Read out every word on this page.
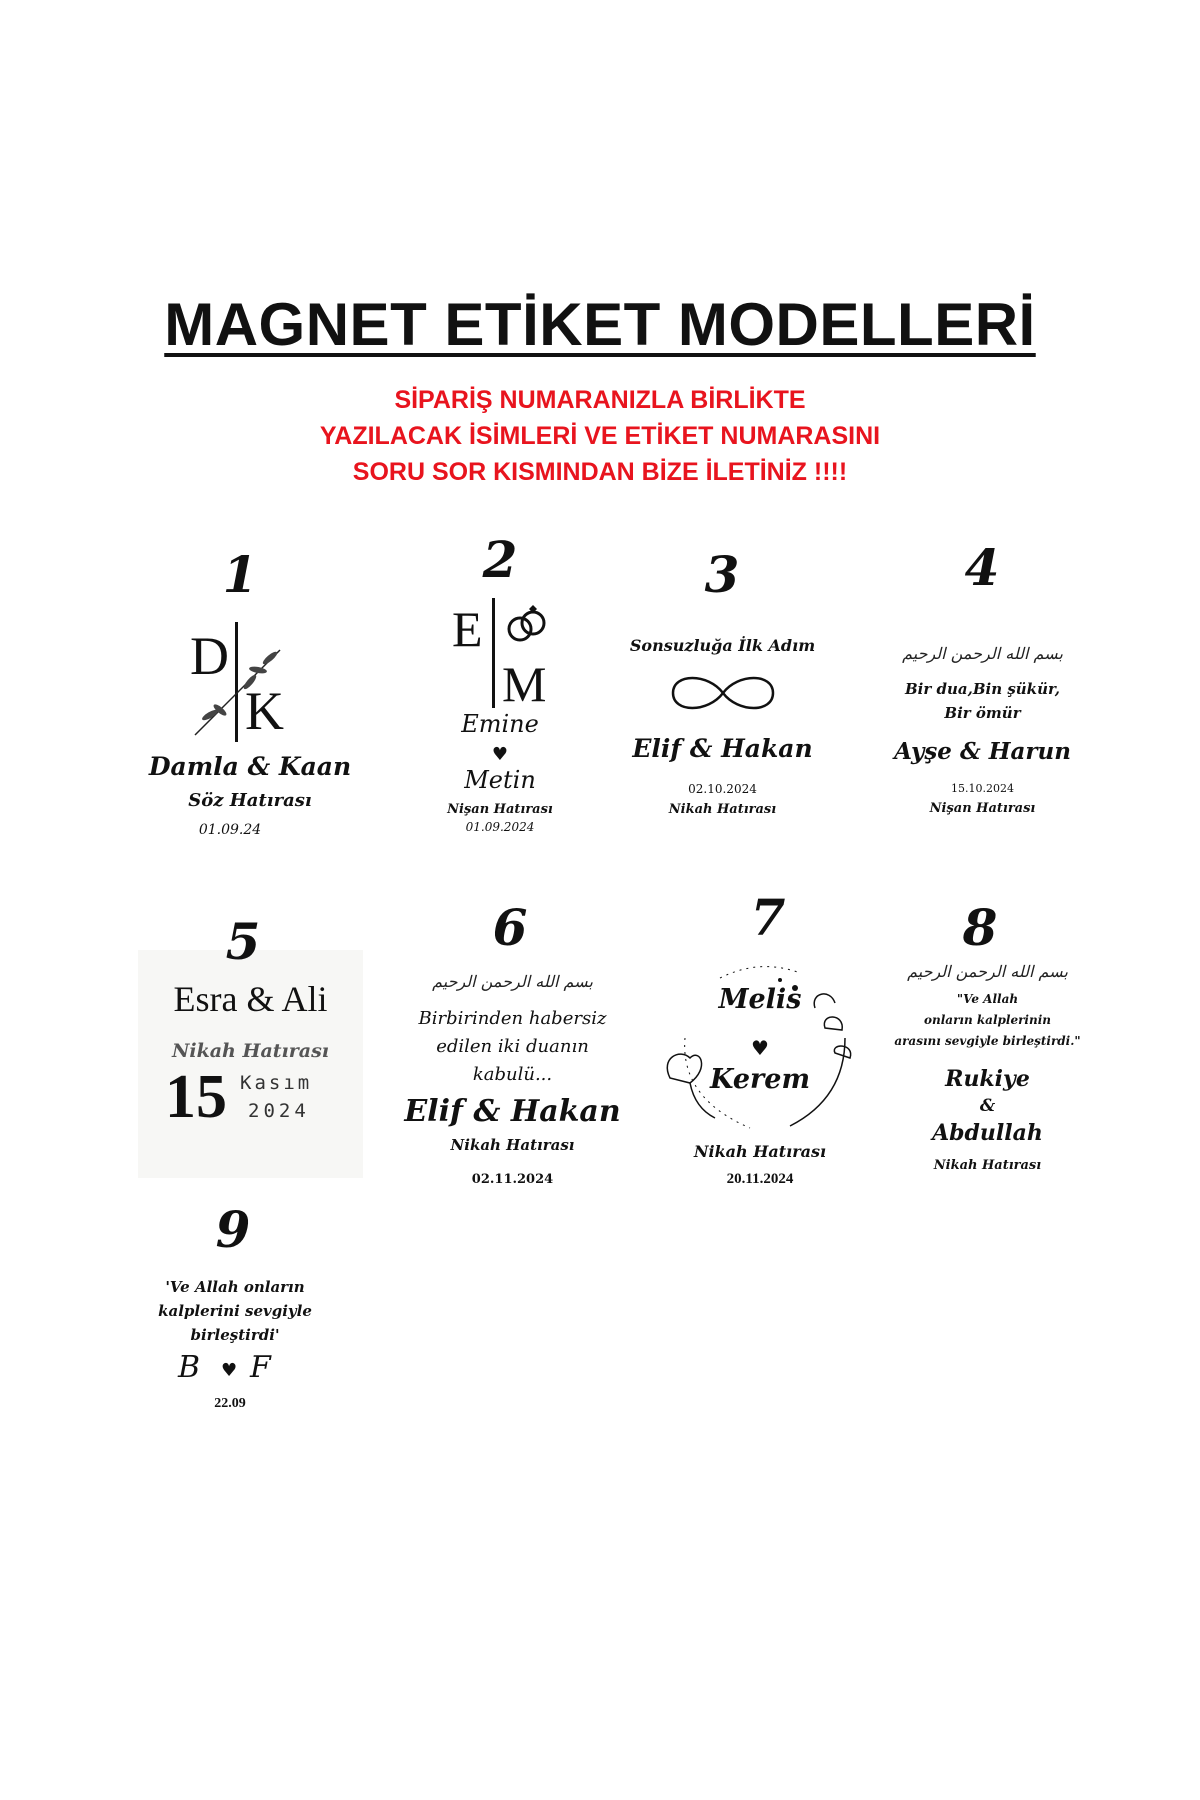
MAGNET ETİKET MODELLERİ
SİPARİŞ NUMARANIZLA BİRLİKTE
YAZILACAK İSİMLERİ VE ETİKET NUMARASINI
SORU SOR KISMINDAN BİZE İLETİNİZ !!!!
1
D
K
Damla & Kaan
Söz Hatırası
01.09.24
2
E
M
Emine
♥
Metin
Nişan Hatırası
01.09.2024
3
Sonsuzluğa İlk Adım
Elif & Hakan
02.10.2024
Nikah Hatırası
4
بسم الله الرحمن الرحيم
Bir dua,Bin şükür,
Bir ömür
Ayşe & Harun
15.10.2024
Nişan Hatırası
5
Esra & Ali
Nikah Hatırası
15 Kasım
2024
6
بسم الله الرحمن الرحيم
Birbirinden habersiz
edilen iki duanın
kabulü...
Elif & Hakan
Nikah Hatırası
02.11.2024
7
Melis
♥
Kerem
Nikah Hatırası
20.11.2024
8
بسم الله الرحمن الرحيم
"Ve Allah
onların kalplerinin
arasını sevgiyle birleştirdi."
Rukiye
&
Abdullah
Nikah Hatırası
9
'Ve Allah onların
kalplerini sevgiyle
birleştirdi'
B ♥ F
22.09
